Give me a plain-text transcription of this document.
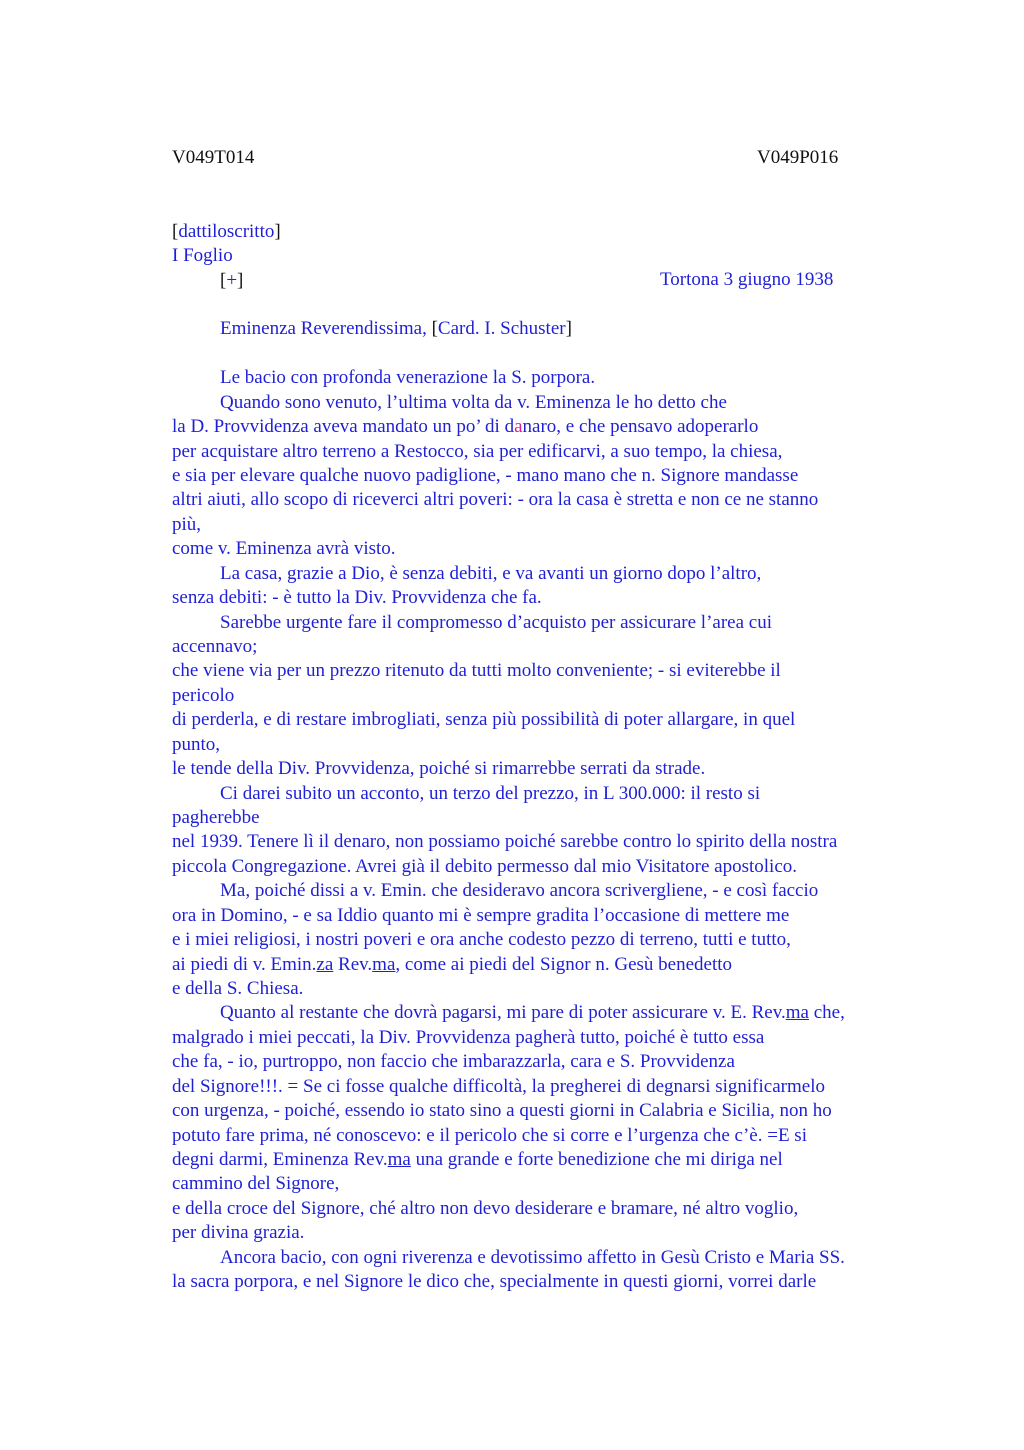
V049T014	V049P016
[dattiloscritto]
I Foglio
[+]	Tortona 3 giugno 1938
Eminenza Reverendissima, [Card. I. Schuster]
Le bacio con profonda venerazione la S. porpora.
Quando sono venuto, l’ultima volta da v. Eminenza le ho detto che
la D. Provvidenza aveva mandato un po’ di danaro, e che pensavo adoperarlo
per acquistare altro terreno a Restocco, sia per edificarvi, a suo tempo, la chiesa,
e sia per elevare qualche nuovo padiglione, - mano mano che n. Signore mandasse
altri aiuti, allo scopo di riceverci altri poveri: - ora la casa è stretta e non ce ne stanno
più,
come v. Eminenza avrà visto.
La casa, grazie a Dio, è senza debiti, e va avanti un giorno dopo l’altro,
senza debiti: - è tutto la Div. Provvidenza che fa.
Sarebbe urgente fare il compromesso d’acquisto per assicurare l’area cui
accennavo;
che viene via per un prezzo ritenuto da tutti molto conveniente; - si eviterebbe il
pericolo
di perderla, e di restare imbrogliati, senza più possibilità di poter allargare, in quel
punto,
le tende della Div. Provvidenza, poiché si rimarrebbe serrati da strade.
Ci darei subito un acconto, un terzo del prezzo, in L 300.000: il resto si
pagherebbe
nel 1939. Tenere lì il denaro, non possiamo poiché sarebbe contro lo spirito della nostra
piccola Congregazione. Avrei già il debito permesso dal mio Visitatore apostolico.
Ma, poiché dissi a v. Emin. che desideravo ancora scrivergliene, - e così faccio
ora in Domino, - e sa Iddio quanto mi è sempre gradita l’occasione di mettere me
e i miei religiosi, i nostri poveri e ora anche codesto pezzo di terreno, tutti e tutto,
ai piedi di v. Emin.za Rev.ma, come ai piedi del Signor n. Gesù benedetto
e della S. Chiesa.
Quanto al restante che dovrà pagarsi, mi pare di poter assicurare v. E. Rev.ma che,
malgrado i miei peccati, la Div. Provvidenza pagherà tutto, poiché è tutto essa
che fa, - io, purtroppo, non faccio che imbarazzarla, cara e S. Provvidenza
del Signore!!!. = Se ci fosse qualche difficoltà, la pregherei di degnarsi significarmelo
con urgenza, - poiché, essendo io stato sino a questi giorni in Calabria e Sicilia, non ho
potuto fare prima, né conoscevo: e il pericolo che si corre e l’urgenza che c’è. =E si
degni darmi, Eminenza Rev.ma una grande e forte benedizione che mi diriga nel
cammino del Signore,
e della croce del Signore, ché altro non devo desiderare e bramare, né altro voglio,
per divina grazia.
Ancora bacio, con ogni riverenza e devotissimo affetto in Gesù Cristo e Maria SS.
la sacra porpora, e nel Signore le dico che, specialmente in questi giorni, vorrei darle
